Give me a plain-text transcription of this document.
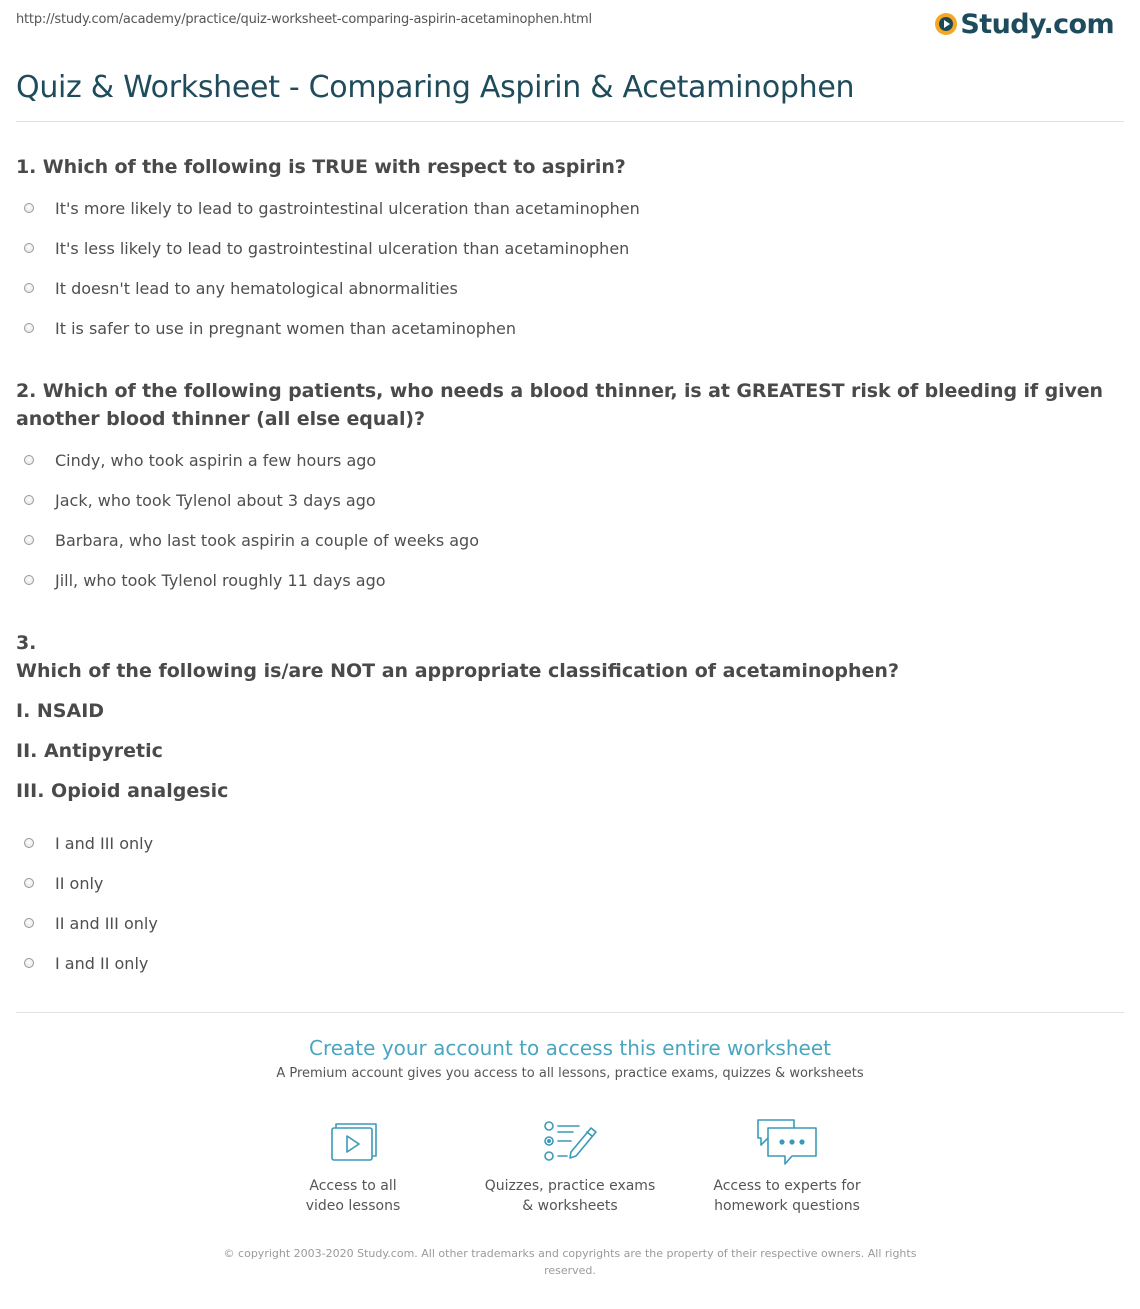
http://study.com/academy/practice/quiz-worksheet-comparing-aspirin-acetaminophen.html	Study.com
Quiz & Worksheet - Comparing Aspirin & Acetaminophen

1. Which of the following is TRUE with respect to aspirin?

It's more likely to lead to gastrointestinal ulceration than acetaminophen
It's less likely to lead to gastrointestinal ulceration than acetaminophen
It doesn't lead to any hematological abnormalities
It is safer to use in pregnant women than acetaminophen

2. Which of the following patients, who needs a blood thinner, is at GREATEST risk of bleeding if given another blood thinner (all else equal)?

Cindy, who took aspirin a few hours ago
Jack, who took Tylenol about 3 days ago
Barbara, who last took aspirin a couple of weeks ago
Jill, who took Tylenol roughly 11 days ago

3.

Which of the following is/are NOT an appropriate classification of acetaminophen?

I. NSAID

II. Antipyretic

III. Opioid analgesic

I and III only
II only
II and III only
I and II only

Create your account to access this entire worksheet

A Premium account gives you access to all lessons, practice exams, quizzes & worksheets

Access to all
video lessons
Quizzes, practice exams
& worksheets
Access to experts for
homework questions
© copyright 2003-2020 Study.com. All other trademarks and copyrights are the property of their respective owners. All rights reserved.
